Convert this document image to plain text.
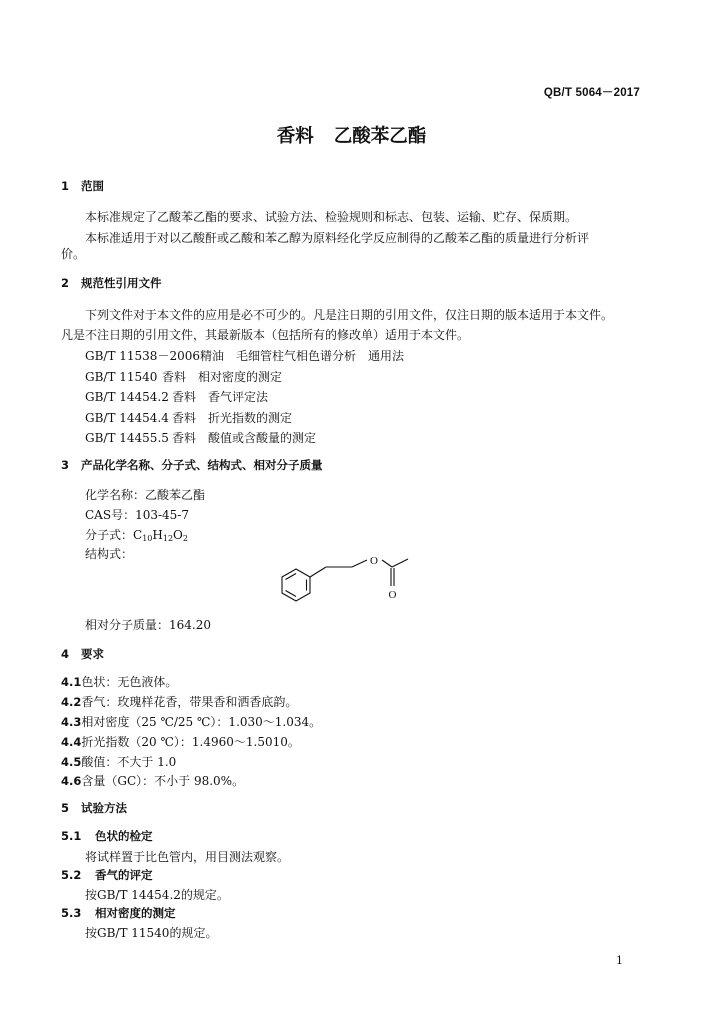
QB/T 5064－2017
香料 乙酸苯乙酯
1 范围
本标准规定了乙酸苯乙酯的要求、试验方法、检验规则和标志、包装、运输、贮存、保质期。
本标准适用于对以乙酸酐或乙酸和苯乙醇为原料经化学反应制得的乙酸苯乙酯的质量进行分析评
价。
2 规范性引用文件
下列文件对于本文件的应用是必不可少的。凡是注日期的引用文件，仅注日期的版本适用于本文件。
凡是不注日期的引用文件，其最新版本（包括所有的修改单）适用于本文件。
GB/T 11538－2006精油　毛细管柱气相色谱分析　通用法
GB/T 11540 香料　相对密度的测定
GB/T 14454.2 香料　香气评定法
GB/T 14454.4 香料　折光指数的测定
GB/T 14455.5 香料　酸值或含酸量的测定
3 产品化学名称、分子式、结构式、相对分子质量
化学名称：乙酸苯乙酯
CAS号：103-45-7
分子式：$C_{10}H_{12}O_2$
结构式：	O
O
相对分子质量：164.20
4 要求
4.1色状：无色液体。
4.2香气：玫瑰样花香，带果香和洒香底韵。
4.3相对密度（25 ℃/25 ℃）：1.030～1.034。
4.4折光指数（20 ℃）：1.4960～1.5010。
4.5酸值：不大于 1.0
4.6含量（GC）：不小于 98.0%。
5 试验方法
5.1 色状的检定
将试样置于比色管内，用目测法观察。
5.2 香气的评定
按GB/T 14454.2的规定。
5.3 相对密度的测定
按GB/T 11540的规定。
1
